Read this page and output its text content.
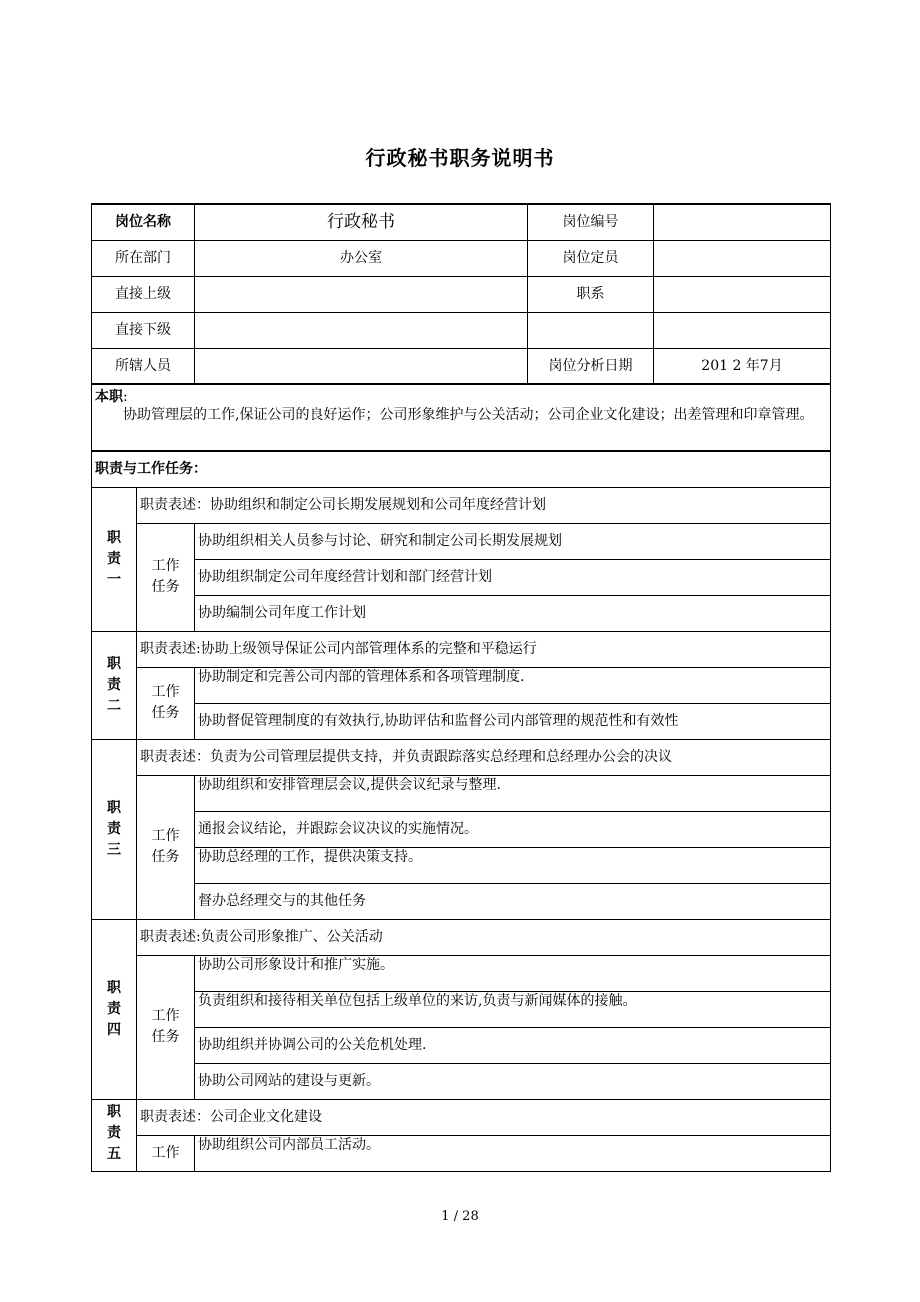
行政秘书职务说明书
岗位名称		行政秘书	岗位编号	
所在部门		办公室	岗位定员	
直接上级			职系	
直接下级				
所辖人员			岗位分析日期	201 2 年7月

本职:
协助管理层的工作,保证公司的良好运作；公司形象维护与公关活动；公司企业文化建设；出差管理和印章管理。				

职责与工作任务：				
职责一	职责表述：协助组织和制定公司长期发展规划和公司年度经营计划			
	工作任务	协助组织相关人员参与讨论、研究和制定公司长期发展规划		
		协助组织制定公司年度经营计划和部门经营计划		
		协助编制公司年度工作计划		
职责二	职责表述:协助上级领导保证公司内部管理体系的完整和平稳运行			
	工作任务	协助制定和完善公司内部的管理体系和各项管理制度.		
		协助督促管理制度的有效执行,协助评估和监督公司内部管理的规范性和有效性		
职责三	职责表述：负责为公司管理层提供支持，并负责跟踪落实总经理和总经理办公会的决议			
	工作任务	协助组织和安排管理层会议,提供会议纪录与整理.		
		通报会议结论，并跟踪会议决议的实施情况。		
		协助总经理的工作，提供决策支持。		
		督办总经理交与的其他任务		
职责四	职责表述:负责公司形象推广、公关活动			
	工作任务	协助公司形象设计和推广实施。		
		负责组织和接待相关单位包括上级单位的来访,负责与新闻媒体的接触。		
		协助组织并协调公司的公关危机处理.		
		协助公司网站的建设与更新。		
职责五	职责表述：公司企业文化建设			
	工作	协助组织公司内部员工活动。		
1 / 28
